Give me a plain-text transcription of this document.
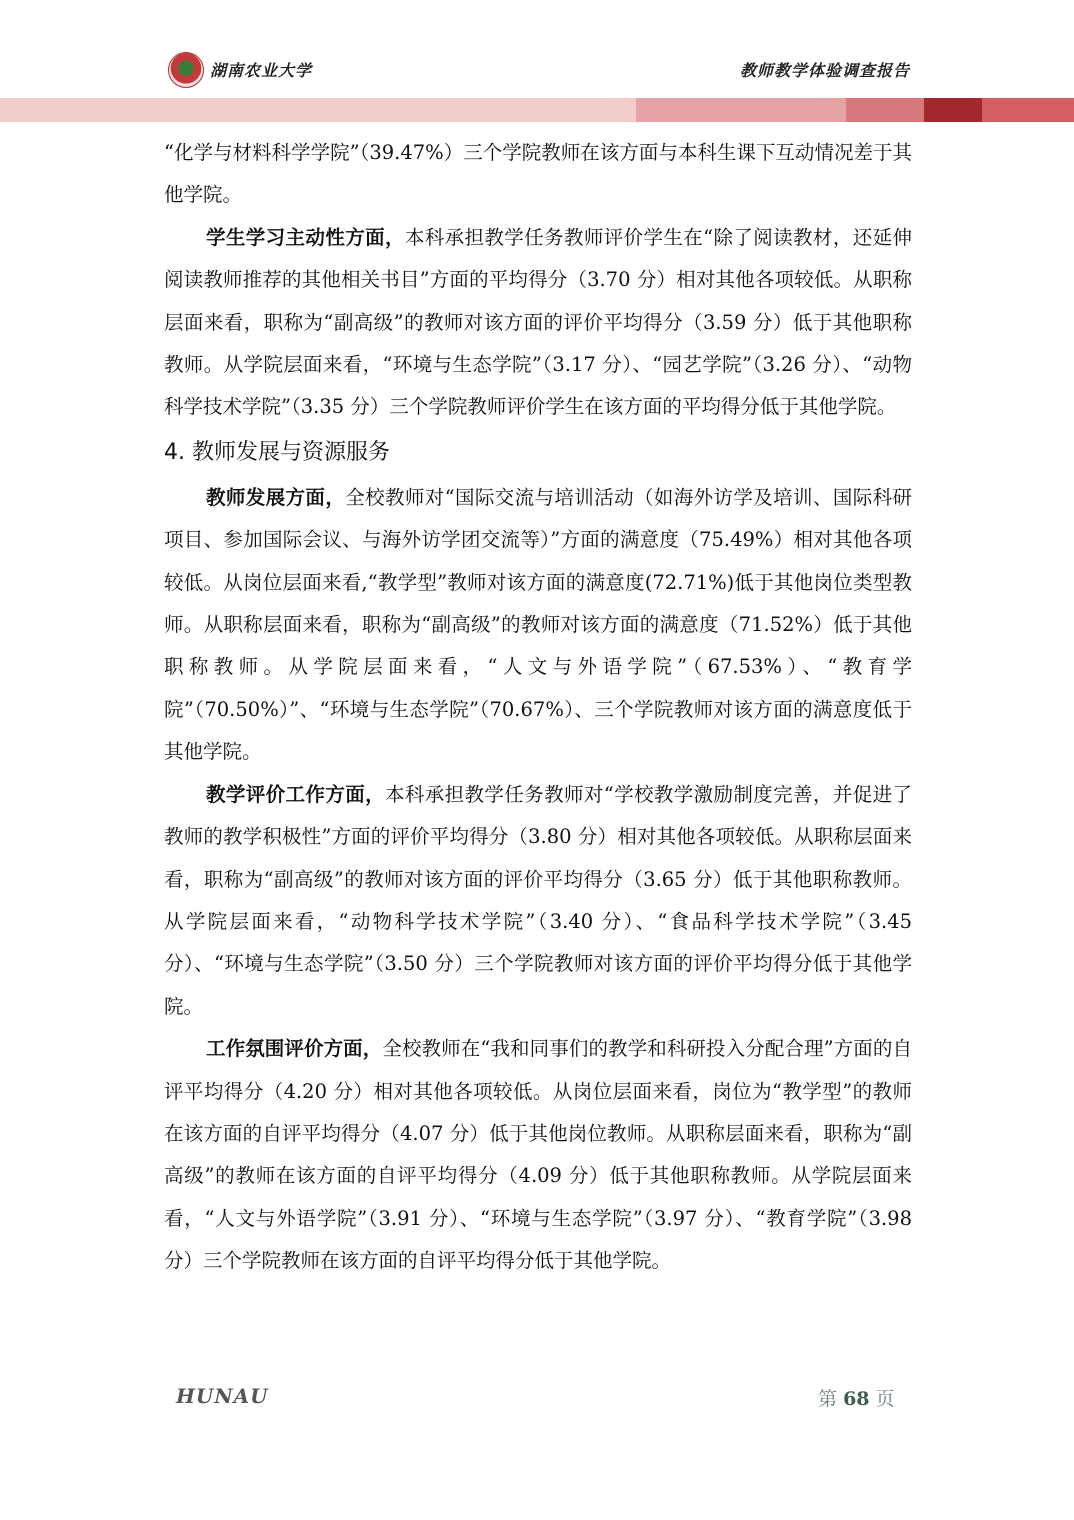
湖南农业大学	教师教学体验调查报告

“化学与材料科学学院”（39.47%）三个学院教师在该方面与本科生课下互动情况差于其他学院。

学生学习主动性方面，本科承担教学任务教师评价学生在“除了阅读教材，还延伸阅读教师推荐的其他相关书目”方面的平均得分（3.70 分）相对其他各项较低。从职称层面来看，职称为“副高级”的教师对该方面的评价平均得分（3.59 分）低于其他职称教师。从学院层面来看，“环境与生态学院”（3.17 分）、“园艺学院”（3.26 分）、“动物科学技术学院”（3.35 分）三个学院教师评价学生在该方面的平均得分低于其他学院。

4. 教师发展与资源服务

教师发展方面，全校教师对“国际交流与培训活动（如海外访学及培训、国际科研项目、参加国际会议、与海外访学团交流等）”方面的满意度（75.49%）相对其他各项较低。从岗位层面来看,“教学型”教师对该方面的满意度(72.71%)低于其他岗位类型教师。从职称层面来看，职称为“副高级”的教师对该方面的满意度（71.52%）低于其他职称教师。从学院层面来看，“人文与外语学院”（67.53%）、“教育学院”（70.50%）”、“环境与生态学院”（70.67%）、三个学院教师对该方面的满意度低于其他学院。

教学评价工作方面，本科承担教学任务教师对“学校教学激励制度完善，并促进了教师的教学积极性”方面的评价平均得分（3.80 分）相对其他各项较低。从职称层面来看，职称为“副高级”的教师对该方面的评价平均得分（3.65 分）低于其他职称教师。从学院层面来看，“动物科学技术学院”（3.40 分）、“食品科学技术学院”（3.45 分）、“环境与生态学院”（3.50 分）三个学院教师对该方面的评价平均得分低于其他学院。

工作氛围评价方面，全校教师在“我和同事们的教学和科研投入分配合理”方面的自评平均得分（4.20 分）相对其他各项较低。从岗位层面来看，岗位为“教学型”的教师在该方面的自评平均得分（4.07 分）低于其他岗位教师。从职称层面来看，职称为“副高级”的教师在该方面的自评平均得分（4.09 分）低于其他职称教师。从学院层面来看，“人文与外语学院”（3.91 分）、“环境与生态学院”（3.97 分）、“教育学院”（3.98 分）三个学院教师在该方面的自评平均得分低于其他学院。

HUNAU	第 68 页
